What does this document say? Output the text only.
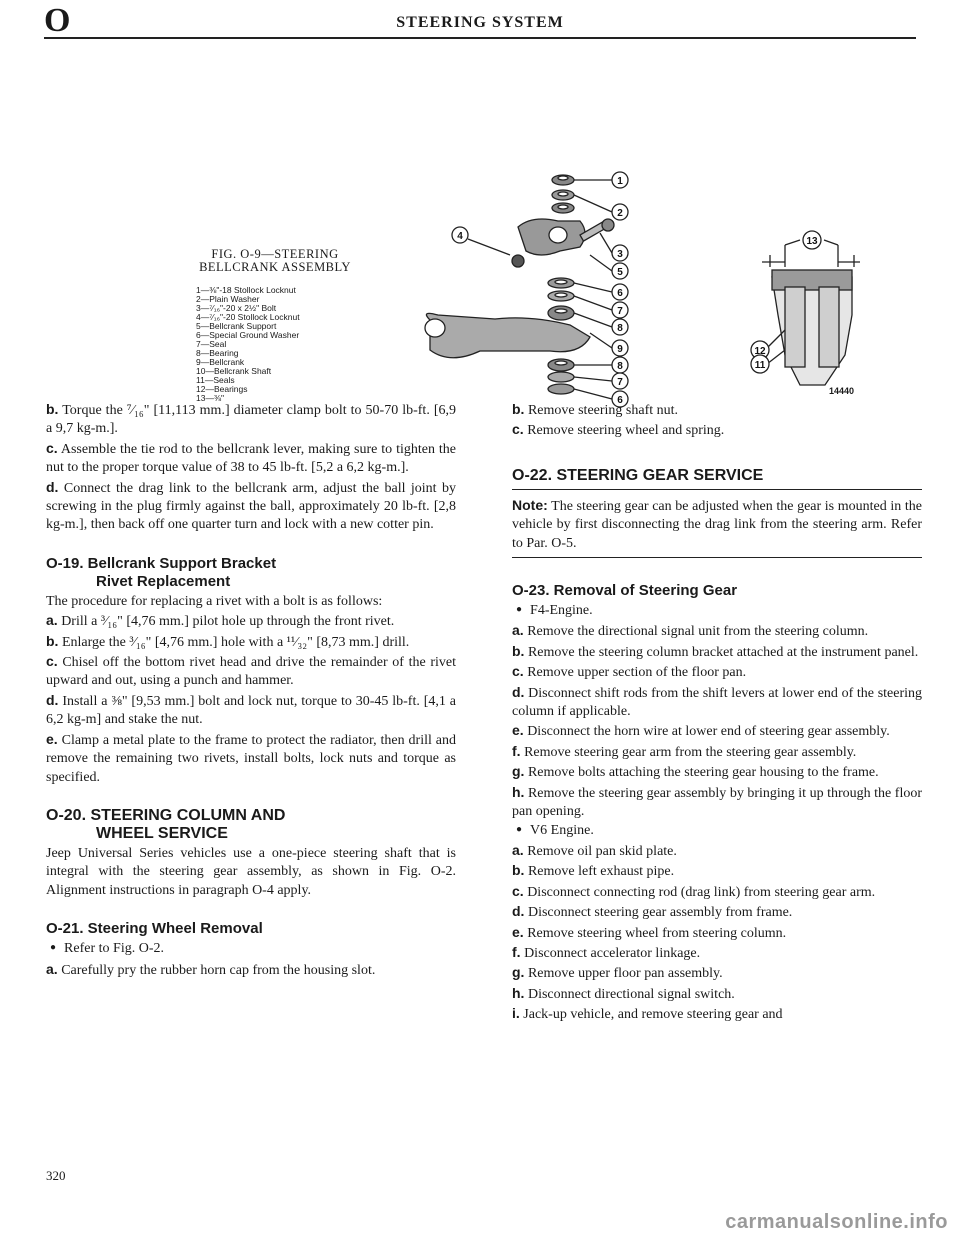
O	STEERING SYSTEM
FIG. O-9—STEERING
BELLCRANK ASSEMBLY
1—⅜"-18 Stollock Locknut
2—Plain Washer
3—⁷⁄₁₆"-20 x 2½" Bolt
4—⁷⁄₁₆"-20 Stollock Locknut
5—Bellcrank Support
6—Special Ground Washer
7—Seal
8—Bearing
9—Bellcrank
10—Bellcrank Shaft
11—Seals
12—Bearings
13—⅜"
1
2
4
3
5
6
7
8
9
8
7
6
13
12
11
14440

b. Torque the ⁷⁄₁₆" [11,113 mm.] diameter clamp bolt to 50-70 lb-ft. [6,9 a 9,7 kg-m.].

c. Assemble the tie rod to the bellcrank lever, making sure to tighten the nut to the proper torque value of 38 to 45 lb-ft. [5,2 a 6,2 kg-m.].

d. Connect the drag link to the bellcrank arm, adjust the ball joint by screwing in the plug firmly against the ball, approximately 20 lb-ft. [2,8 kg-m.], then back off one quarter turn and lock with a new cotter pin.

O-19. Bellcrank Support Bracket
Rivet Replacement

The procedure for replacing a rivet with a bolt is as follows:

a. Drill a ³⁄₁₆" [4,76 mm.] pilot hole up through the front rivet.

b. Enlarge the ³⁄₁₆" [4,76 mm.] hole with a ¹¹⁄₃₂" [8,73 mm.] drill.

c. Chisel off the bottom rivet head and drive the remainder of the rivet upward and out, using a punch and hammer.

d. Install a ⅜" [9,53 mm.] bolt and lock nut, torque to 30-45 lb-ft. [4,1 a 6,2 kg-m] and stake the nut.

e. Clamp a metal plate to the frame to protect the radiator, then drill and remove the remaining two rivets, install bolts, lock nuts and torque as specified.

O-20. STEERING COLUMN AND
WHEEL SERVICE

Jeep Universal Series vehicles use a one-piece steering shaft that is integral with the steering gear assembly, as shown in Fig. O-2. Alignment instructions in paragraph O-4 apply.

O-21. Steering Wheel Removal

● Refer to Fig. O-2.

a. Carefully pry the rubber horn cap from the housing slot.

b. Remove steering shaft nut.

c. Remove steering wheel and spring.

O-22. STEERING GEAR SERVICE

Note: The steering gear can be adjusted when the gear is mounted in the vehicle by first disconnecting the drag link from the steering arm. Refer to Par. O-5.

O-23. Removal of Steering Gear

● F4-Engine.

a. Remove the directional signal unit from the steering column.

b. Remove the steering column bracket attached at the instrument panel.

c. Remove upper section of the floor pan.

d. Disconnect shift rods from the shift levers at lower end of the steering column if applicable.

e. Disconnect the horn wire at lower end of steering gear assembly.

f. Remove steering gear arm from the steering gear assembly.

g. Remove bolts attaching the steering gear housing to the frame.

h. Remove the steering gear assembly by bringing it up through the floor pan opening.

● V6 Engine.

a. Remove oil pan skid plate.

b. Remove left exhaust pipe.

c. Disconnect connecting rod (drag link) from steering gear arm.

d. Disconnect steering gear assembly from frame.

e. Remove steering wheel from steering column.

f. Disconnect accelerator linkage.

g. Remove upper floor pan assembly.

h. Disconnect directional signal switch.

i. Jack-up vehicle, and remove steering gear and

320
carmanualsonline.info
